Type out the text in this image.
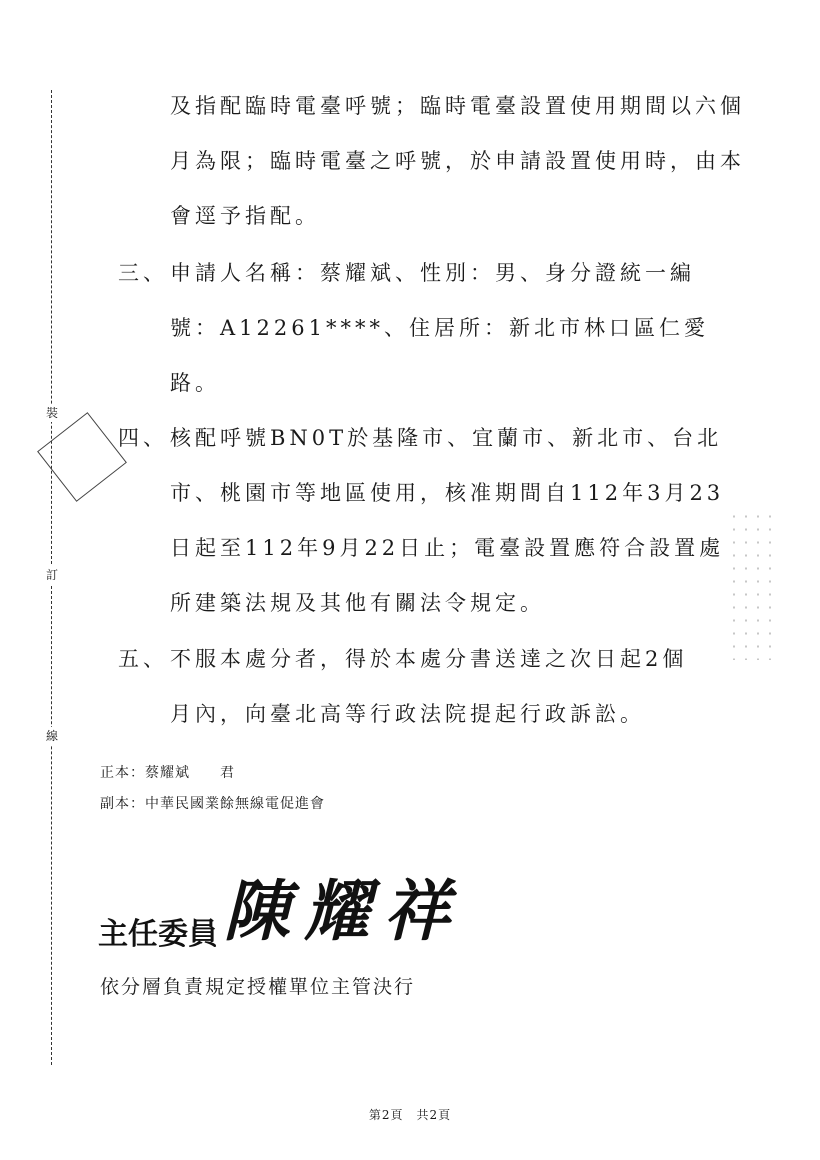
裝
訂
線
及指配臨時電臺呼號；臨時電臺設置使用期間以六個
月為限；臨時電臺之呼號，於申請設置使用時，由本
會逕予指配。
三、 申請人名稱：蔡耀斌、性別：男、身分證統一編
號：A12261****、住居所：新北市林口區仁愛
路。
四、 核配呼號BN0T於基隆市、宜蘭市、新北市、台北
市、桃園市等地區使用，核准期間自112年3月23
日起至112年9月22日止；電臺設置應符合設置處
所建築法規及其他有關法令規定。
五、 不服本處分者，得於本處分書送達之次日起2個
月內，向臺北高等行政法院提起行政訴訟。
正本：蔡耀斌　　君
副本：中華民國業餘無線電促進會
主任委員 陳耀祥
依分層負責規定授權單位主管決行
第2頁　共2頁
